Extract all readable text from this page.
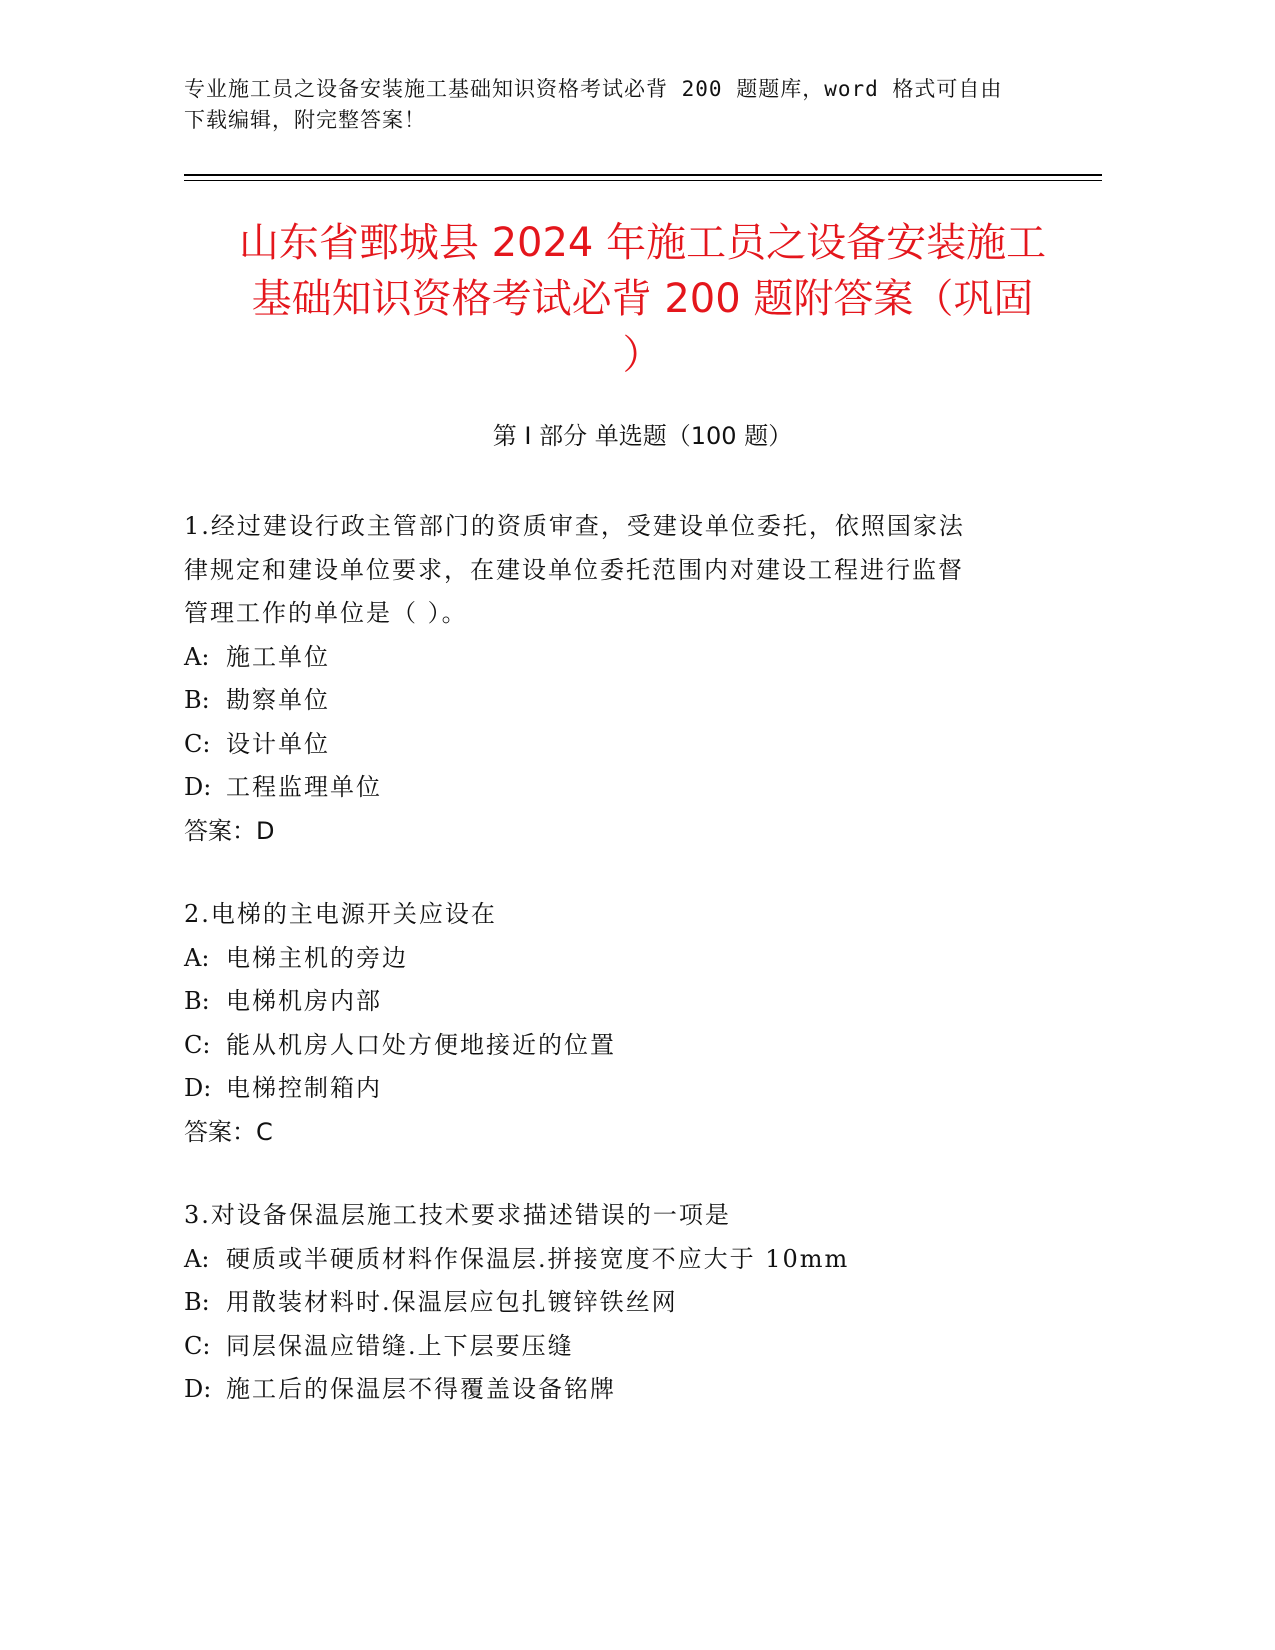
专业施工员之设备安装施工基础知识资格考试必背 200 题题库，word 格式可自由
下载编辑，附完整答案！
山东省鄄城县 2024 年施工员之设备安装施工
基础知识资格考试必背 200 题附答案（巩固
）
第 I 部分 单选题（100 题）

1.经过建设行政主管部门的资质审查，受建设单位委托，依照国家法

律规定和建设单位要求，在建设单位委托范围内对建设工程进行监督

管理工作的单位是（ ）。

A: 施工单位

B: 勘察单位

C: 设计单位

D: 工程监理单位

答案：D

2.电梯的主电源开关应设在

A: 电梯主机的旁边

B: 电梯机房内部

C: 能从机房人口处方便地接近的位置

D: 电梯控制箱内

答案：C

3.对设备保温层施工技术要求描述错误的一项是

A: 硬质或半硬质材料作保温层.拼接宽度不应大于 10mm

B: 用散装材料时.保温层应包扎镀锌铁丝网

C: 同层保温应错缝.上下层要压缝

D: 施工后的保温层不得覆盖设备铭牌
